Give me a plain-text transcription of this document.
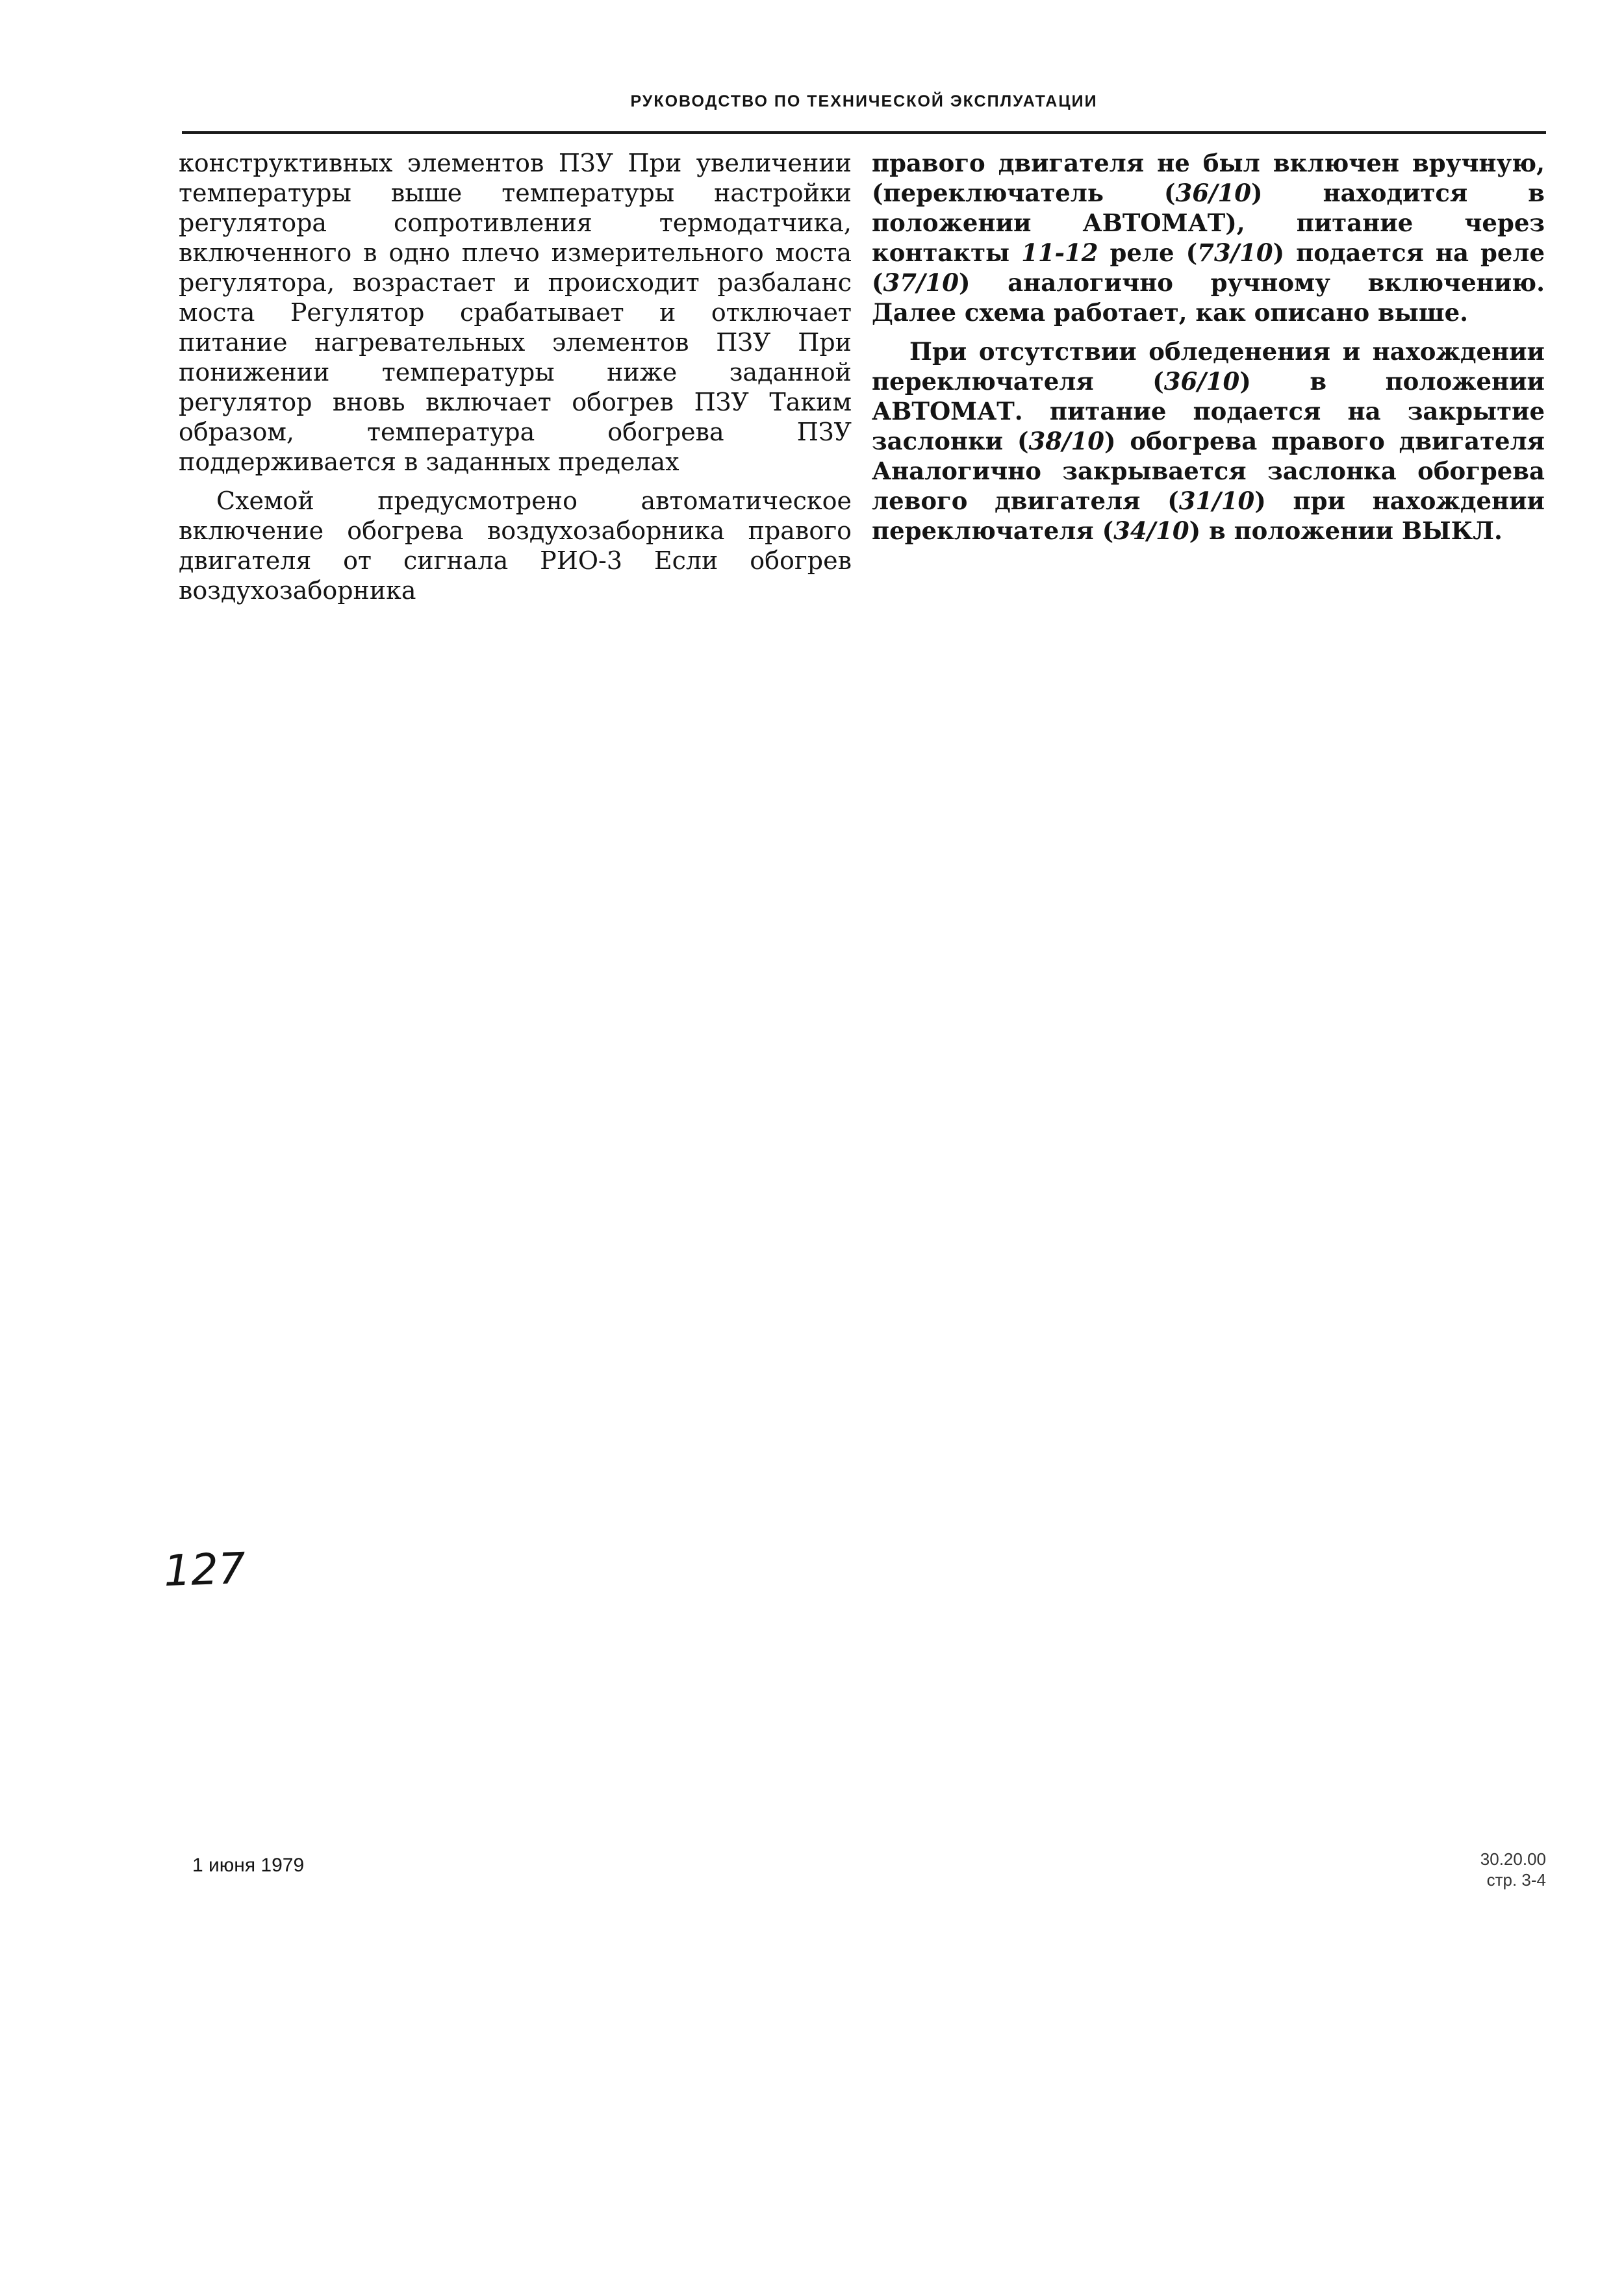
РУКОВОДСТВО ПО ТЕХНИЧЕСКОЙ ЭКСПЛУАТАЦИИ

конструктивных элементов ПЗУ При увеличении температуры выше температуры настройки регулятора сопротивления термодатчика, включенного в одно плечо измерительного моста регулятора, возрастает и происходит разбаланс моста Регулятор срабатывает и отключает питание нагревательных элементов ПЗУ При понижении температуры ниже заданной регулятор вновь включает обогрев ПЗУ Таким образом, температура обогрева ПЗУ поддерживается в заданных пределах

Схемой предусмотрено автоматическое включение обогрева воздухозаборника правого двигателя от сигнала РИО-3 Если обогрев воздухозаборника

правого двигателя не был включен вручную, (переключатель (36/10) находится в положении АВТОМАТ), питание через контакты 11-12 реле (73/10) подается на реле (37/10) аналогично ручному включению. Далее схема работает, как описано выше.

При отсутствии обледенения и нахождении переключателя (36/10) в положении АВТОМАТ. питание подается на закрытие заслонки (38/10) обогрева правого двигателя Аналогично закрывается заслонка обогрева левого двигателя (31/10) при нахождении переключателя (34/10) в положении ВЫКЛ.

127
1 июня 1979	30.20.00
стр. 3-4
